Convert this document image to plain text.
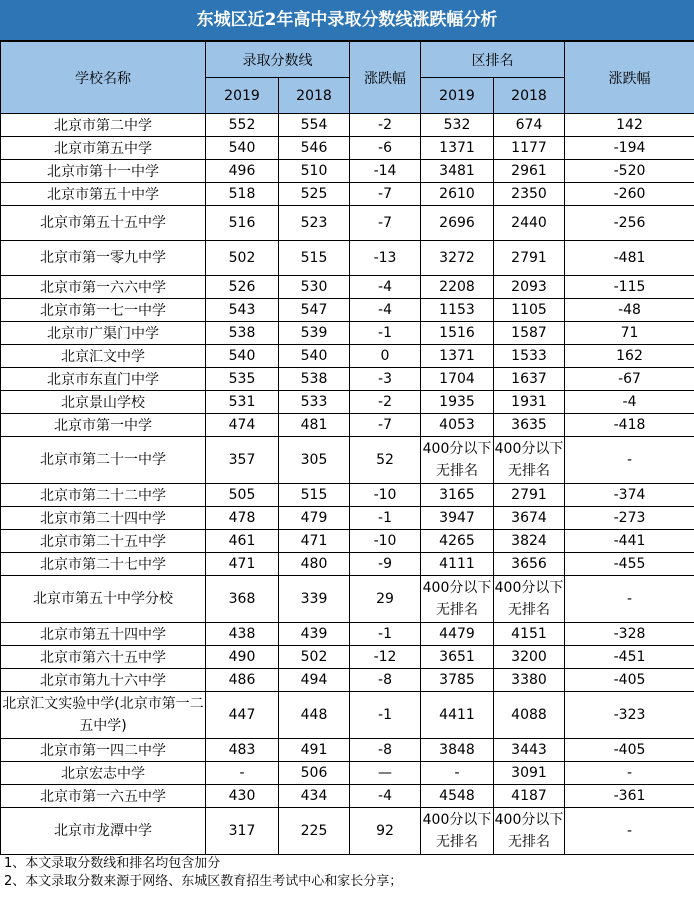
东城区近2年高中录取分数线涨跌幅分析
学校名称	录取分数线		涨跌幅	区排名		涨跌幅
	2019	2018		2019	2018	
北京市第二中学	552	554	-2	532	674	142
北京市第五中学	540	546	-6	1371	1177	-194
北京市第十一中学	496	510	-14	3481	2961	-520
北京市第五十中学	518	525	-7	2610	2350	-260
北京市第五十五中学	516	523	-7	2696	2440	-256
北京市第一零九中学	502	515	-13	3272	2791	-481
北京市第一六六中学	526	530	-4	2208	2093	-115
北京市第一七一中学	543	547	-4	1153	1105	-48
北京市广渠门中学	538	539	-1	1516	1587	71
北京汇文中学	540	540	0	1371	1533	162
北京市东直门中学	535	538	-3	1704	1637	-67
北京景山学校	531	533	-2	1935	1931	-4
北京市第一中学	474	481	-7	4053	3635	-418
北京市第二十一中学	357	305	52	400分以下无排名	400分以下无排名	-
北京市第二十二中学	505	515	-10	3165	2791	-374
北京市第二十四中学	478	479	-1	3947	3674	-273
北京市第二十五中学	461	471	-10	4265	3824	-441
北京市第二十七中学	471	480	-9	4111	3656	-455
北京市第五十中学分校	368	339	29	400分以下无排名	400分以下无排名	-
北京市第五十四中学	438	439	-1	4479	4151	-328
北京市第六十五中学	490	502	-12	3651	3200	-451
北京市第九十六中学	486	494	-8	3785	3380	-405
北京汇文实验中学(北京市第一二 五中学)	447	448	-1	4411	4088	-323
北京市第一四二中学	483	491	-8	3848	3443	-405
北京宏志中学	-	506	—	-	3091	-
北京市第一六五中学	430	434	-4	4548	4187	-361
北京市龙潭中学	317	225	92	400分以下无排名	400分以下无排名	-
1、本文录取分数线和排名均包含加分
2、本文录取分数来源于网络、东城区教育招生考试中心和家长分享；
